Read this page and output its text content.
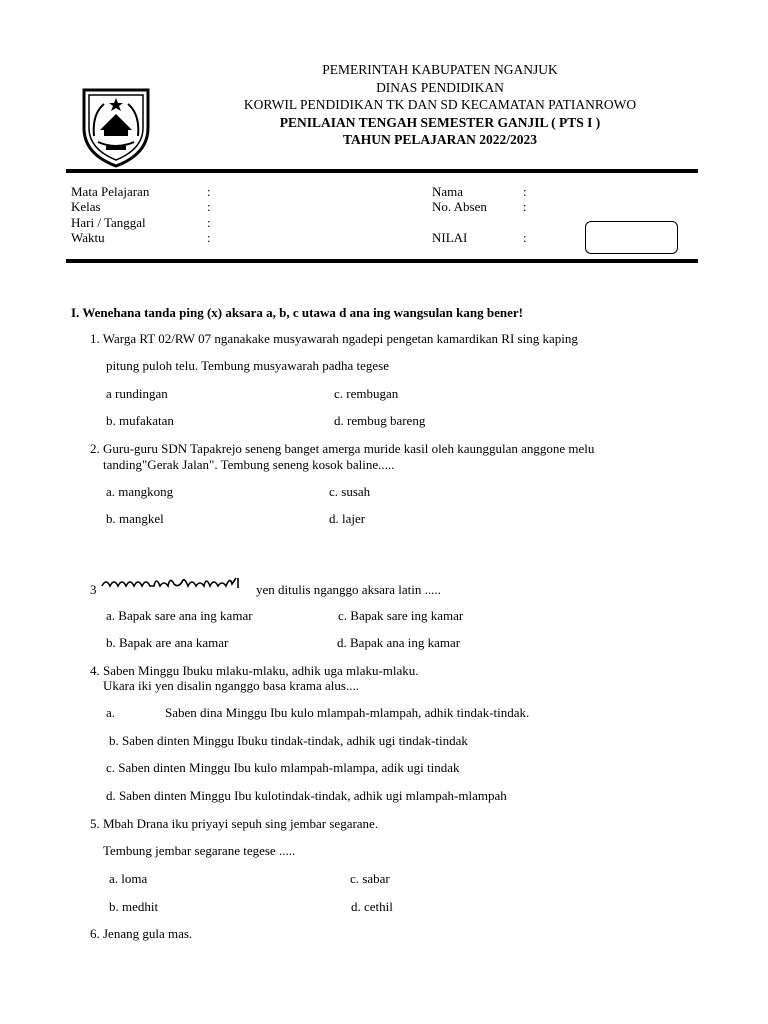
PEMERINTAH KABUPATEN NGANJUK
DINAS PENDIDIKAN
KORWIL PENDIDIKAN TK DAN SD KECAMATAN PATIANROWO
PENILAIAN TENGAH SEMESTER GANJIL ( PTS I )
TAHUN PELAJARAN 2022/2023
Mata Pelajaran	:
Kelas	:
Hari / Tanggal	:
Waktu	:
Nama	:
No. Absen	:
NILAI	:
I. Wenehana tanda ping (x) aksara a, b, c utawa d ana ing wangsulan kang bener!
1. Warga RT 02/RW 07 nganakake musyawarah ngadepi pengetan kamardikan RI sing kaping
pitung puloh telu. Tembung musyawarah padha tegese
a rundingan	c. rembugan
b. mufakatan	d. rembug bareng
2. Guru-guru SDN Tapakrejo seneng banget amerga muride kasil oleh kaunggulan anggone melu
tanding"Gerak Jalan". Tembung seneng kosok baline.....
a. mangkong	c. susah
b. mangkel	d. lajer
3	yen ditulis nganggo aksara latin .....
a. Bapak sare ana ing kamar	c. Bapak sare ing kamar
b. Bapak are ana kamar	d. Bapak ana ing kamar
4. Saben Minggu Ibuku mlaku-mlaku, adhik uga mlaku-mlaku.
Ukara iki yen disalin nganggo basa krama alus....
a.	Saben dina Minggu Ibu kulo mlampah-mlampah, adhik tindak-tindak.
b. Saben dinten Minggu Ibuku tindak-tindak, adhik ugi tindak-tindak
c. Saben dinten Minggu Ibu kulo mlampah-mlampa, adik ugi tindak
d. Saben dinten Minggu Ibu kulotindak-tindak, adhik ugi mlampah-mlampah
5. Mbah Drana iku priyayi sepuh sing jembar segarane.
Tembung jembar segarane tegese .....
a. loma	c. sabar
b. medhit	d. cethil
6. Jenang gula mas.
